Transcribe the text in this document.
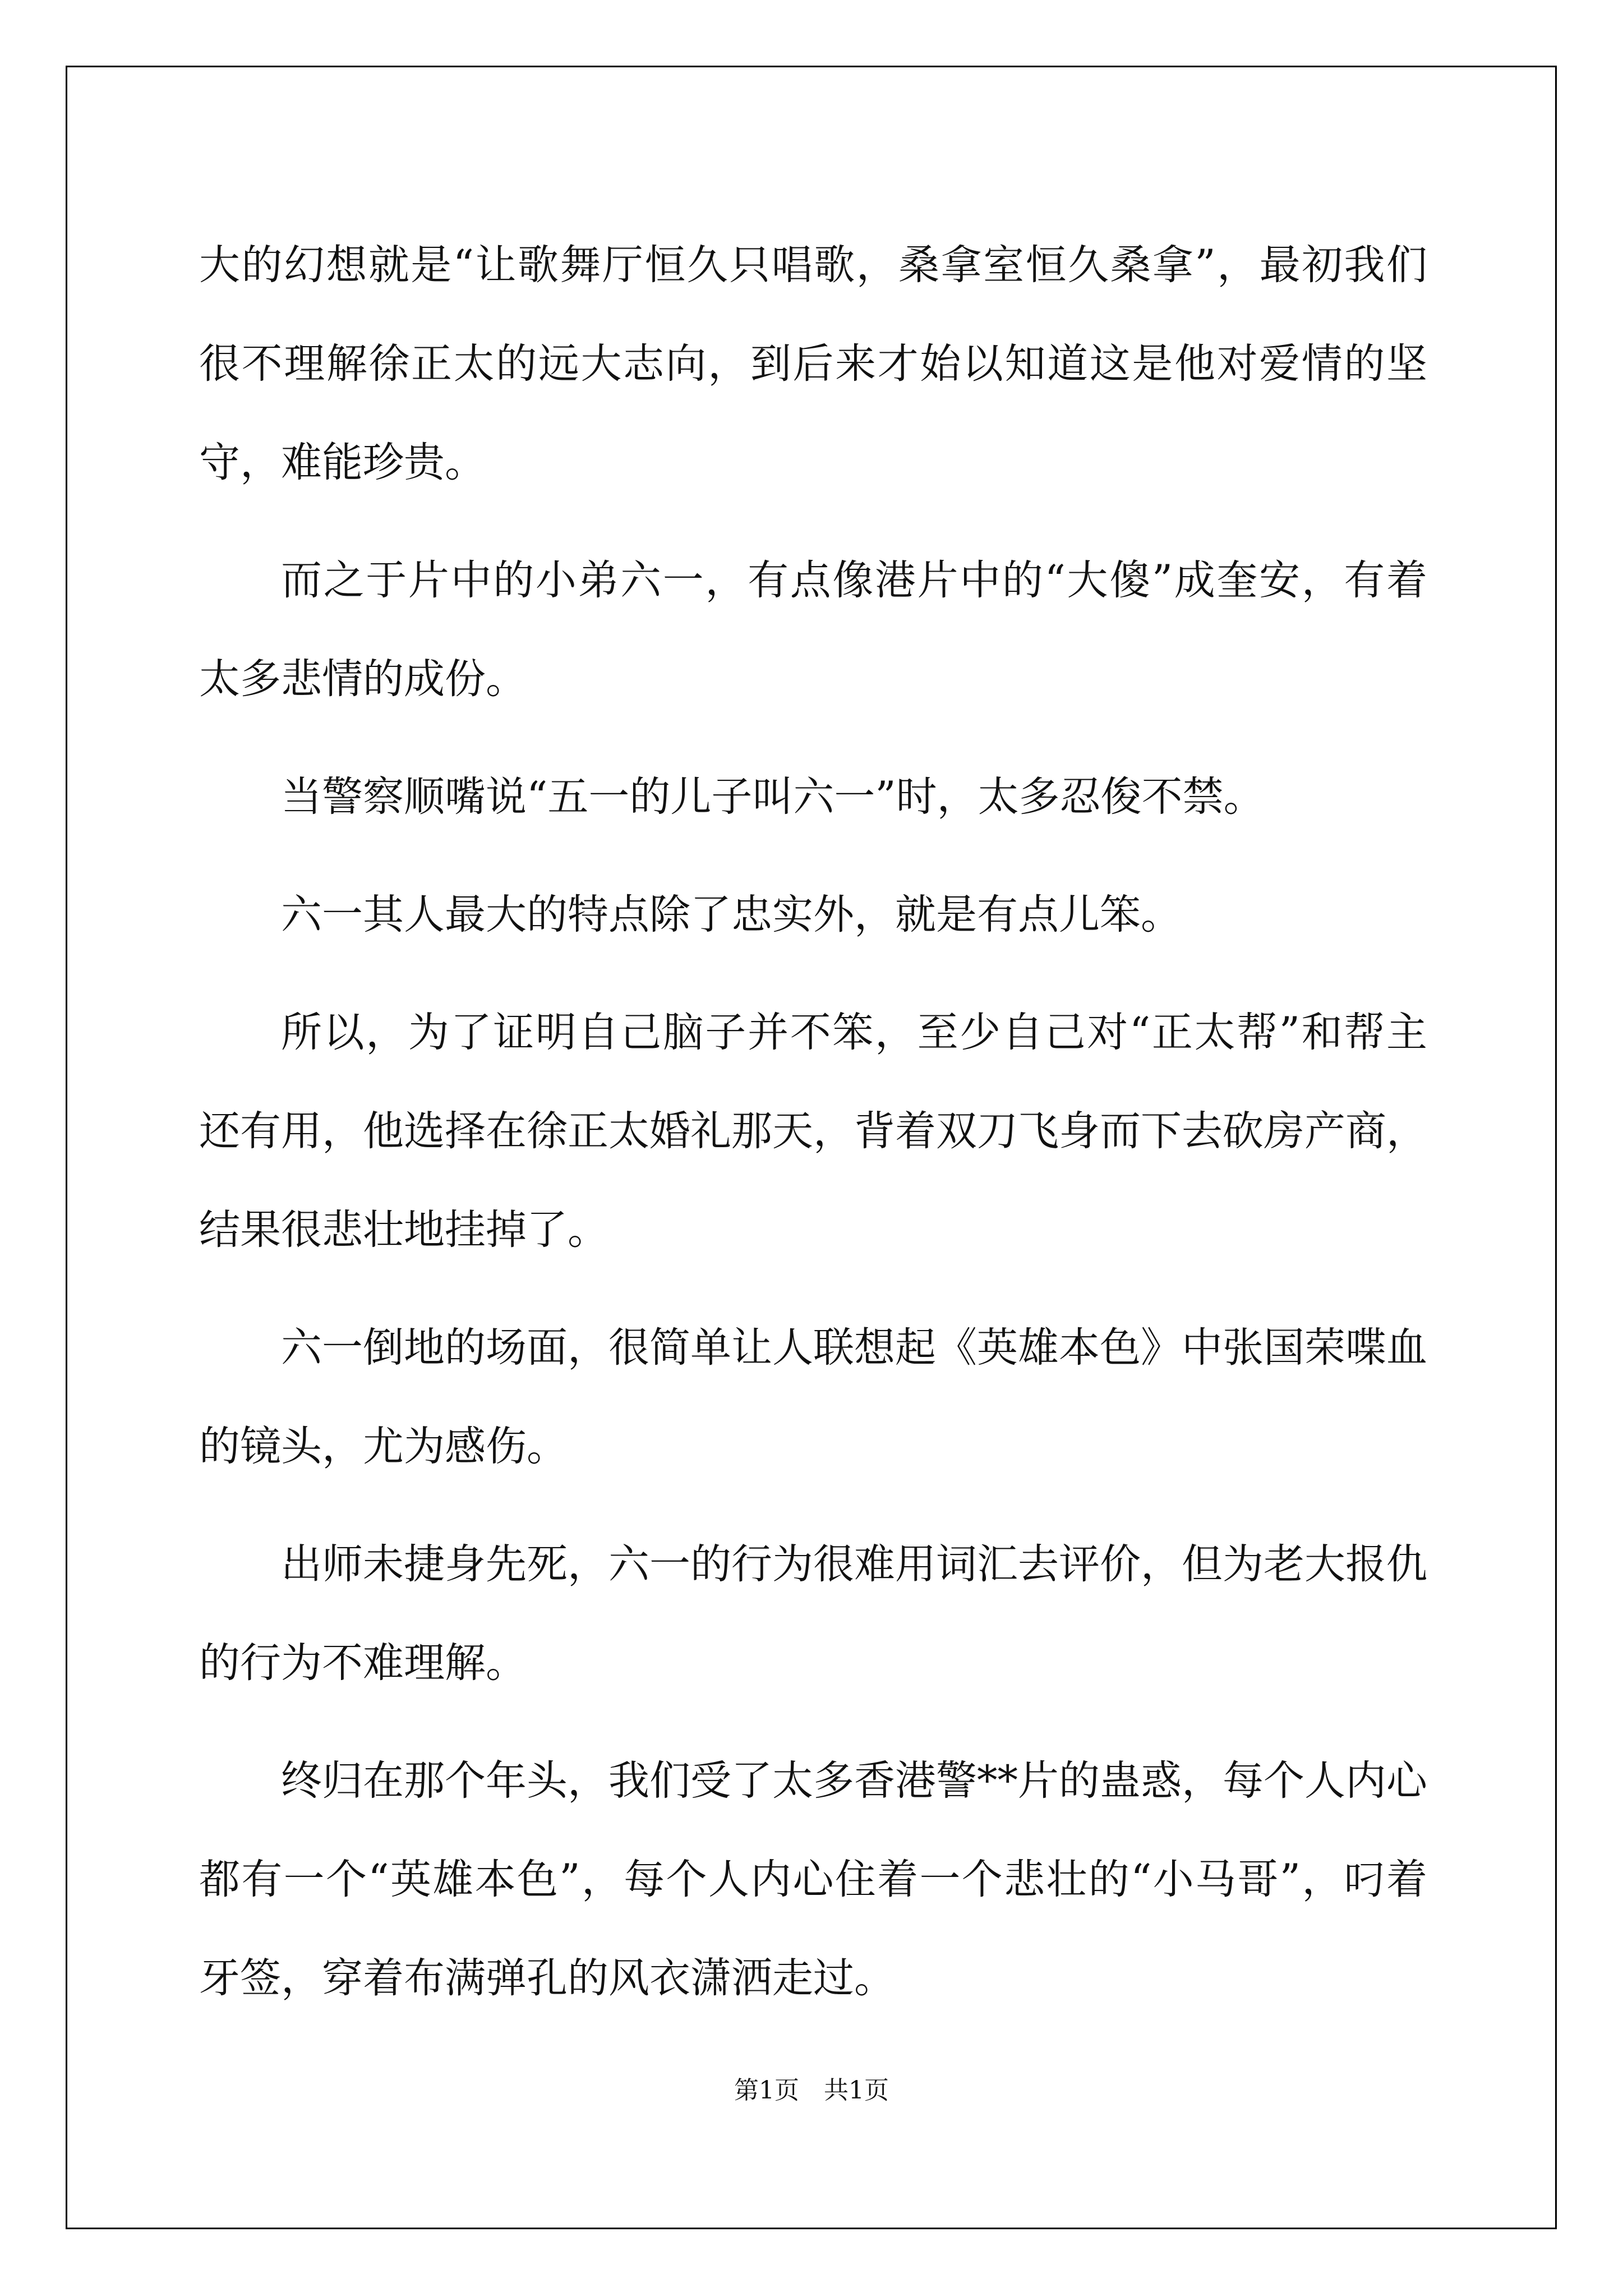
大的幻想就是“让歌舞厅恒久只唱歌，桑拿室恒久桑拿”，最初我们很不理解徐正太的远大志向，到后来才始以知道这是他对爱情的坚守，难能珍贵。

而之于片中的小弟六一，有点像港片中的“大傻”成奎安，有着太多悲情的成份。

当警察顺嘴说“五一的儿子叫六一”时，太多忍俊不禁。

六一其人最大的特点除了忠实外，就是有点儿笨。

所以，为了证明自己脑子并不笨，至少自己对“正太帮”和帮主还有用，他选择在徐正太婚礼那天，背着双刀飞身而下去砍房产商，结果很悲壮地挂掉了。

六一倒地的场面，很简单让人联想起《英雄本色》中张国荣喋血的镜头，尤为感伤。

出师未捷身先死，六一的行为很难用词汇去评价，但为老大报仇的行为不难理解。

终归在那个年头，我们受了太多香港警**片的蛊惑，每个人内心都有一个“英雄本色”，每个人内心住着一个悲壮的“小马哥”，叼着牙签，穿着布满弹孔的风衣潇洒走过。

第1页　共1页
